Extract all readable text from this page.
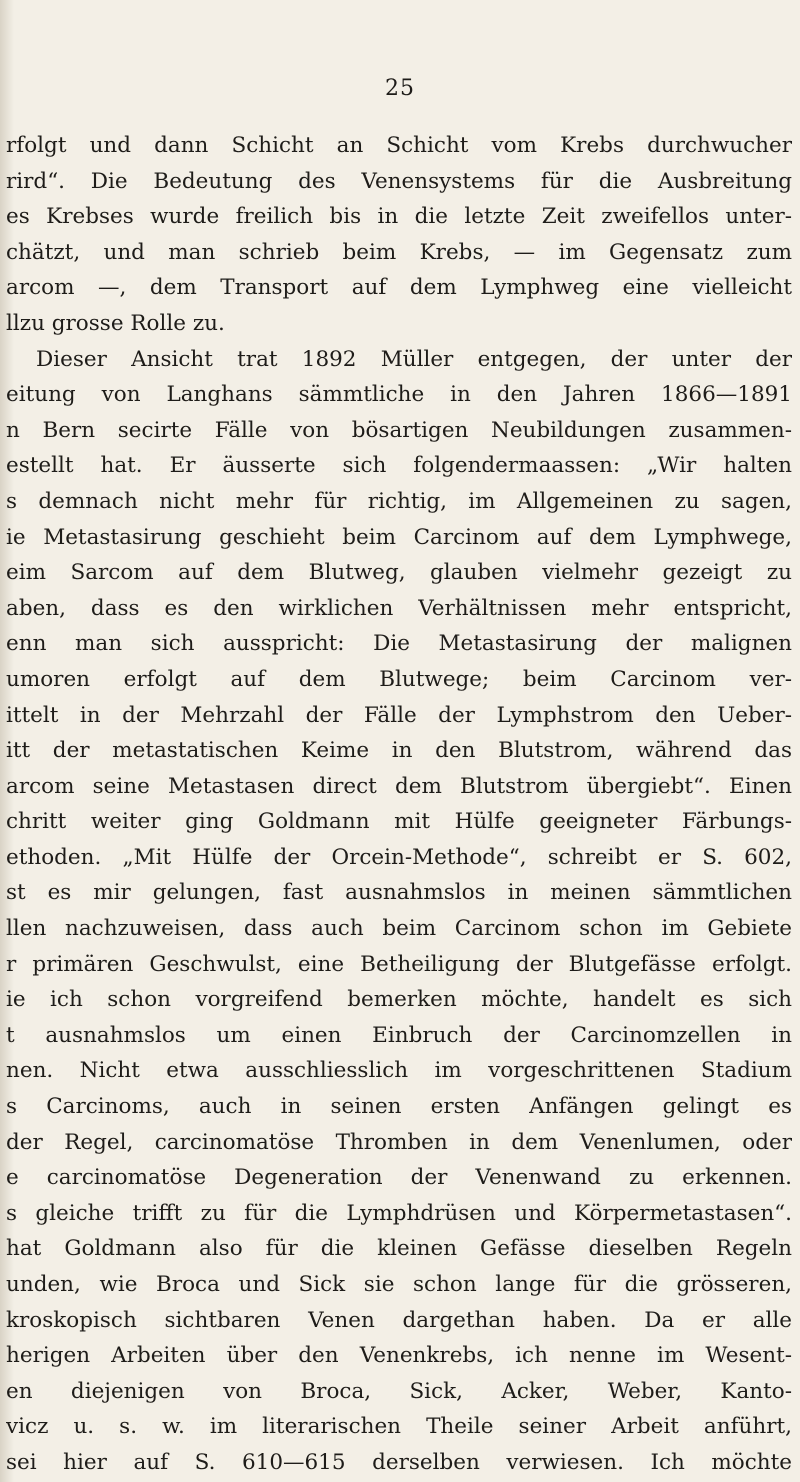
25
rfolgt und dann Schicht an Schicht vom Krebs durchwucher
rird“. Die Bedeutung des Venensystems für die Ausbreitung
es Krebses wurde freilich bis in die letzte Zeit zweifellos unter-
chätzt, und man schrieb beim Krebs, — im Gegensatz zum
arcom —, dem Transport auf dem Lymphweg eine vielleicht
llzu grosse Rolle zu.
Dieser Ansicht trat 1892 Müller entgegen, der unter der
eitung von Langhans sämmtliche in den Jahren 1866—1891
n Bern secirte Fälle von bösartigen Neubildungen zusammen-
estellt hat. Er äusserte sich folgendermaassen: „Wir halten
s demnach nicht mehr für richtig, im Allgemeinen zu sagen,
ie Metastasirung geschieht beim Carcinom auf dem Lymphwege,
eim Sarcom auf dem Blutweg, glauben vielmehr gezeigt zu
aben, dass es den wirklichen Verhältnissen mehr entspricht,
enn man sich ausspricht: Die Metastasirung der malignen
umoren erfolgt auf dem Blutwege; beim Carcinom ver-
ittelt in der Mehrzahl der Fälle der Lymphstrom den Ueber-
itt der metastatischen Keime in den Blutstrom, während das
arcom seine Metastasen direct dem Blutstrom übergiebt“. Einen
chritt weiter ging Goldmann mit Hülfe geeigneter Färbungs-
ethoden. „Mit Hülfe der Orcein-Methode“, schreibt er S. 602,
st es mir gelungen, fast ausnahmslos in meinen sämmtlichen
llen nachzuweisen, dass auch beim Carcinom schon im Gebiete
r primären Geschwulst, eine Betheiligung der Blutgefässe erfolgt.
ie ich schon vorgreifend bemerken möchte, handelt es sich
t ausnahmslos um einen Einbruch der Carcinomzellen in
nen. Nicht etwa ausschliesslich im vorgeschrittenen Stadium
s Carcinoms, auch in seinen ersten Anfängen gelingt es
der Regel, carcinomatöse Thromben in dem Venenlumen, oder
e carcinomatöse Degeneration der Venenwand zu erkennen.
s gleiche trifft zu für die Lymphdrüsen und Körpermetastasen“.
hat Goldmann also für die kleinen Gefässe dieselben Regeln
unden, wie Broca und Sick sie schon lange für die grösseren,
kroskopisch sichtbaren Venen dargethan haben. Da er alle
herigen Arbeiten über den Venenkrebs, ich nenne im Wesent-
en diejenigen von Broca, Sick, Acker, Weber, Kanto-
vicz u. s. w. im literarischen Theile seiner Arbeit anführt,
sei hier auf S. 610—615 derselben verwiesen. Ich möchte
